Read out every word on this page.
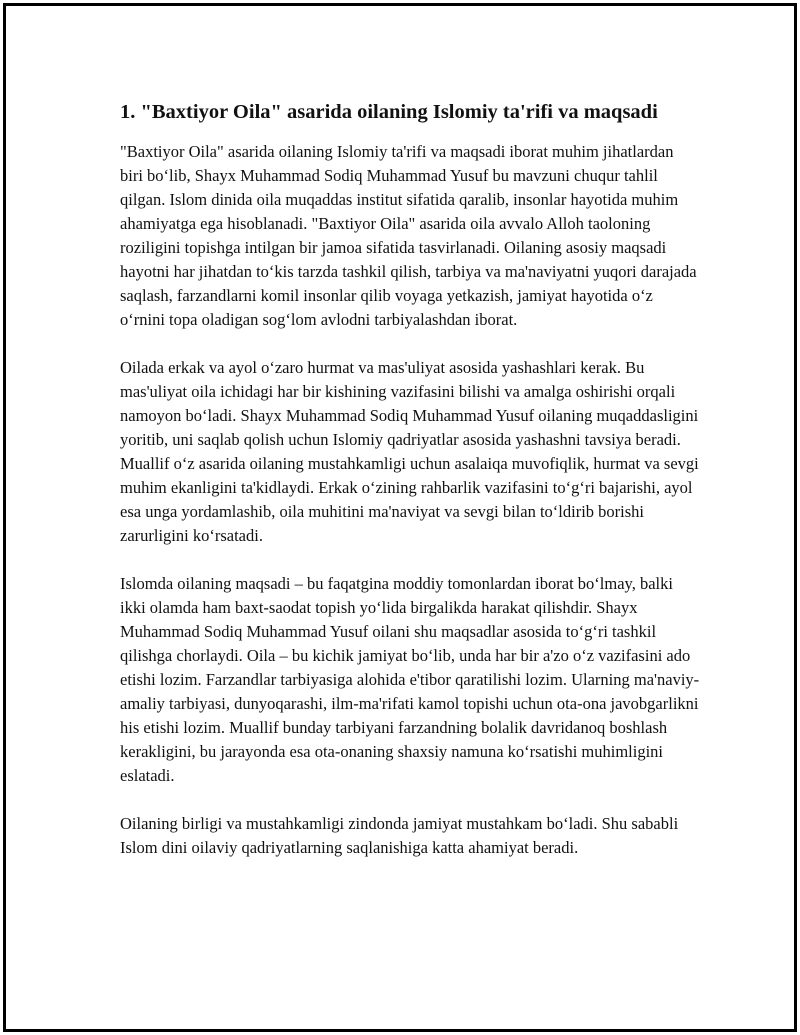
1. "Baxtiyor Oila" asarida oilaning Islomiy ta'rifi va maqsadi

"Baxtiyor Oila" asarida oilaning Islomiy ta'rifi va maqsadi iborat muhim jihatlardan biri bo‘lib, Shayx Muhammad Sodiq Muhammad Yusuf bu mavzuni chuqur tahlil qilgan. Islom dinida oila muqaddas institut sifatida qaralib, insonlar hayotida muhim ahamiyatga ega hisoblanadi. "Baxtiyor Oila" asarida oila avvalo Alloh taoloning roziligini topishga intilgan bir jamoa sifatida tasvirlanadi. Oilaning asosiy maqsadi hayotni har jihatdan to‘kis tarzda tashkil qilish, tarbiya va ma'naviyatni yuqori darajada saqlash, farzandlarni komil insonlar qilib voyaga yetkazish, jamiyat hayotida o‘z o‘rnini topa oladigan sog‘lom avlodni tarbiyalashdan iborat.

Oilada erkak va ayol o‘zaro hurmat va mas'uliyat asosida yashashlari kerak. Bu mas'uliyat oila ichidagi har bir kishining vazifasini bilishi va amalga oshirishi orqali namoyon bo‘ladi. Shayx Muhammad Sodiq Muhammad Yusuf oilaning muqaddasligini yoritib, uni saqlab qolish uchun Islomiy qadriyatlar asosida yashashni tavsiya beradi. Muallif o‘z asarida oilaning mustahkamligi uchun asalaiqa muvofiqlik, hurmat va sevgi muhim ekanligini ta'kidlaydi. Erkak o‘zining rahbarlik vazifasini to‘g‘ri bajarishi, ayol esa unga yordamlashib, oila muhitini ma'naviyat va sevgi bilan to‘ldirib borishi zarurligini ko‘rsatadi.

Islomda oilaning maqsadi – bu faqatgina moddiy tomonlardan iborat bo‘lmay, balki ikki olamda ham baxt-saodat topish yo‘lida birgalikda harakat qilishdir. Shayx Muhammad Sodiq Muhammad Yusuf oilani shu maqsadlar asosida to‘g‘ri tashkil qilishga chorlaydi. Oila – bu kichik jamiyat bo‘lib, unda har bir a'zo o‘z vazifasini ado etishi lozim. Farzandlar tarbiyasiga alohida e'tibor qaratilishi lozim. Ularning ma'naviy-amaliy tarbiyasi, dunyoqarashi, ilm-ma'rifati kamol topishi uchun ota-ona javobgarlikni his etishi lozim. Muallif bunday tarbiyani farzandning bolalik davridanoq boshlash kerakligini, bu jarayonda esa ota-onaning shaxsiy namuna ko‘rsatishi muhimligini eslatadi.

Oilaning birligi va mustahkamligi zindonda jamiyat mustahkam bo‘ladi. Shu sababli Islom dini oilaviy qadriyatlarning saqlanishiga katta ahamiyat beradi.
